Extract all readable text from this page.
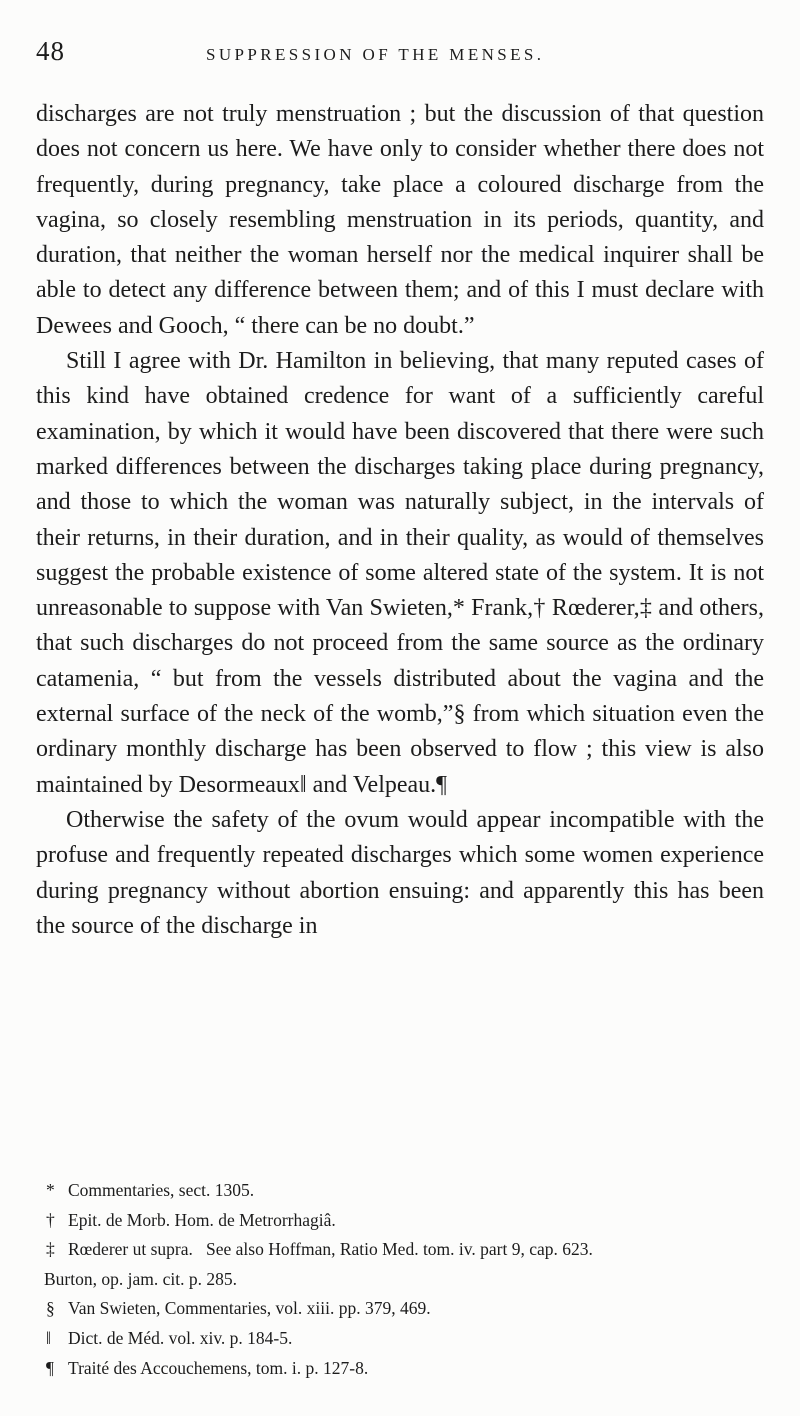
48	SUPPRESSION OF THE MENSES.

discharges are not truly menstruation ; but the discussion of that question does not concern us here. We have only to consider whether there does not frequently, during pregnancy, take place a coloured discharge from the vagina, so closely resembling menstruation in its periods, quantity, and duration, that neither the woman herself nor the medical inquirer shall be able to detect any difference between them; and of this I must declare with Dewees and Gooch, “ there can be no doubt.”

Still I agree with Dr. Hamilton in believing, that many reputed cases of this kind have obtained credence for want of a sufficiently careful examination, by which it would have been discovered that there were such marked differences between the discharges taking place during pregnancy, and those to which the woman was naturally subject, in the intervals of their returns, in their duration, and in their quality, as would of themselves suggest the probable existence of some altered state of the system. It is not unreasonable to suppose with Van Swieten,* Frank,† Rœderer,‡ and others, that such discharges do not proceed from the same source as the ordinary catamenia, “ but from the vessels distributed about the vagina and the external surface of the neck of the womb,”§ from which situation even the ordinary monthly discharge has been observed to flow ; this view is also maintained by Desormeaux‖ and Velpeau.¶

Otherwise the safety of the ovum would appear incompatible with the profuse and frequently repeated discharges which some women experience during pregnancy without abortion ensuing: and apparently this has been the source of the discharge in

* Commentaries, sect. 1305.

† Epit. de Morb. Hom. de Metrorrhagiâ.

‡ Rœderer ut supra.   See also Hoffman, Ratio Med. tom. iv. part 9, cap. 623.

Burton, op. jam. cit. p. 285.

§ Van Swieten, Commentaries, vol. xiii. pp. 379, 469.

‖ Dict. de Méd. vol. xiv. p. 184-5.

¶ Traité des Accouchemens, tom. i. p. 127-8.
